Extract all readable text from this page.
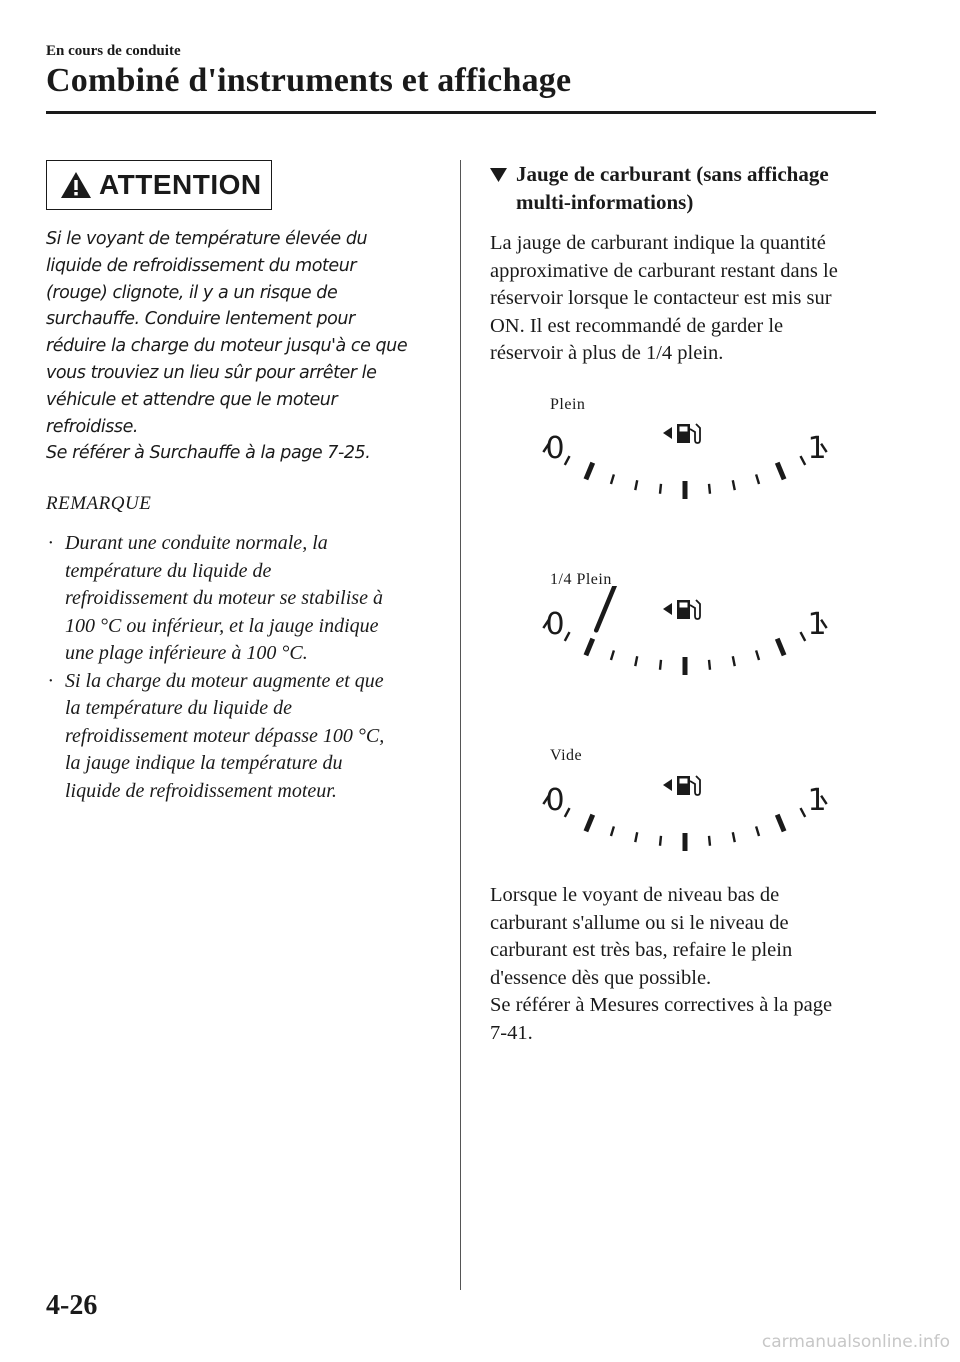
En cours de conduite
Combiné d'instruments et affichage
ATTENTION

Si le voyant de température élevée du

liquide de refroidissement du moteur

(rouge) clignote, il y a un risque de

surchauffe. Conduire lentement pour

réduire la charge du moteur jusqu'à ce que

vous trouviez un lieu sûr pour arrêter le

véhicule et attendre que le moteur

refroidisse.

Se référer à Surchauffe à la page 7-25.

REMARQUE
· Durant une conduite normale, la
température du liquide de
refroidissement du moteur se stabilise à
100 °C ou inférieur, et la jauge indique
une plage inférieure à 100 °C.
· Si la charge du moteur augmente et que
la température du liquide de
refroidissement moteur dépasse 100 °C,
la jauge indique la température du
liquide de refroidissement moteur.
Jauge de carburant (sans affichage
multi-informations)

La jauge de carburant indique la quantité

approximative de carburant restant dans le

réservoir lorsque le contacteur est mis sur

ON. Il est recommandé de garder le

réservoir à plus de 1/4 plein.

Plein
0	1
1/4 Plein
0	1
Vide
0	1

Lorsque le voyant de niveau bas de

carburant s'allume ou si le niveau de

carburant est très bas, refaire le plein

d'essence dès que possible.

Se référer à Mesures correctives à la page

7-41.

4-26
carmanualsonline.info
